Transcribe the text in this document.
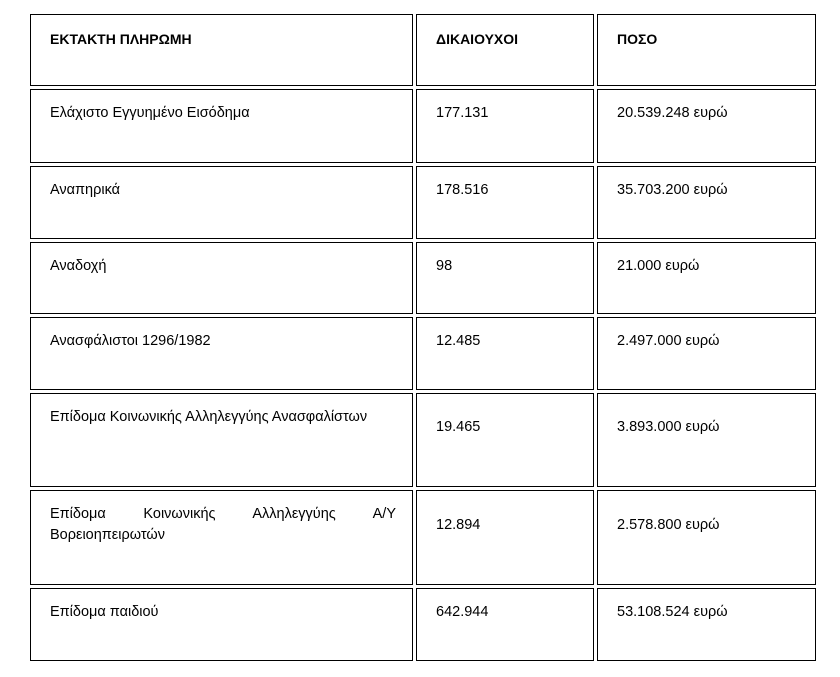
ΕΚΤΑΚΤΗ ΠΛΗΡΩΜΗ	ΔΙΚΑΙΟΥΧΟΙ	ΠΟΣΟ
Ελάχιστο Εγγυημένο Εισόδημα	177.131	20.539.248 ευρώ
Αναπηρικά	178.516	35.703.200 ευρώ
Αναδοχή	98	21.000 ευρώ
Ανασφάλιστοι 1296/1982	12.485	2.497.000 ευρώ
Επίδομα Κοινωνικής Αλληλεγγύης Ανασφαλίστων	19.465	3.893.000 ευρώ
Επίδομα Κοινωνικής Αλληλεγγύης Α/Υ Βορειοηπειρωτών	12.894	2.578.800 ευρώ
Επίδομα παιδιού	642.944	53.108.524 ευρώ
